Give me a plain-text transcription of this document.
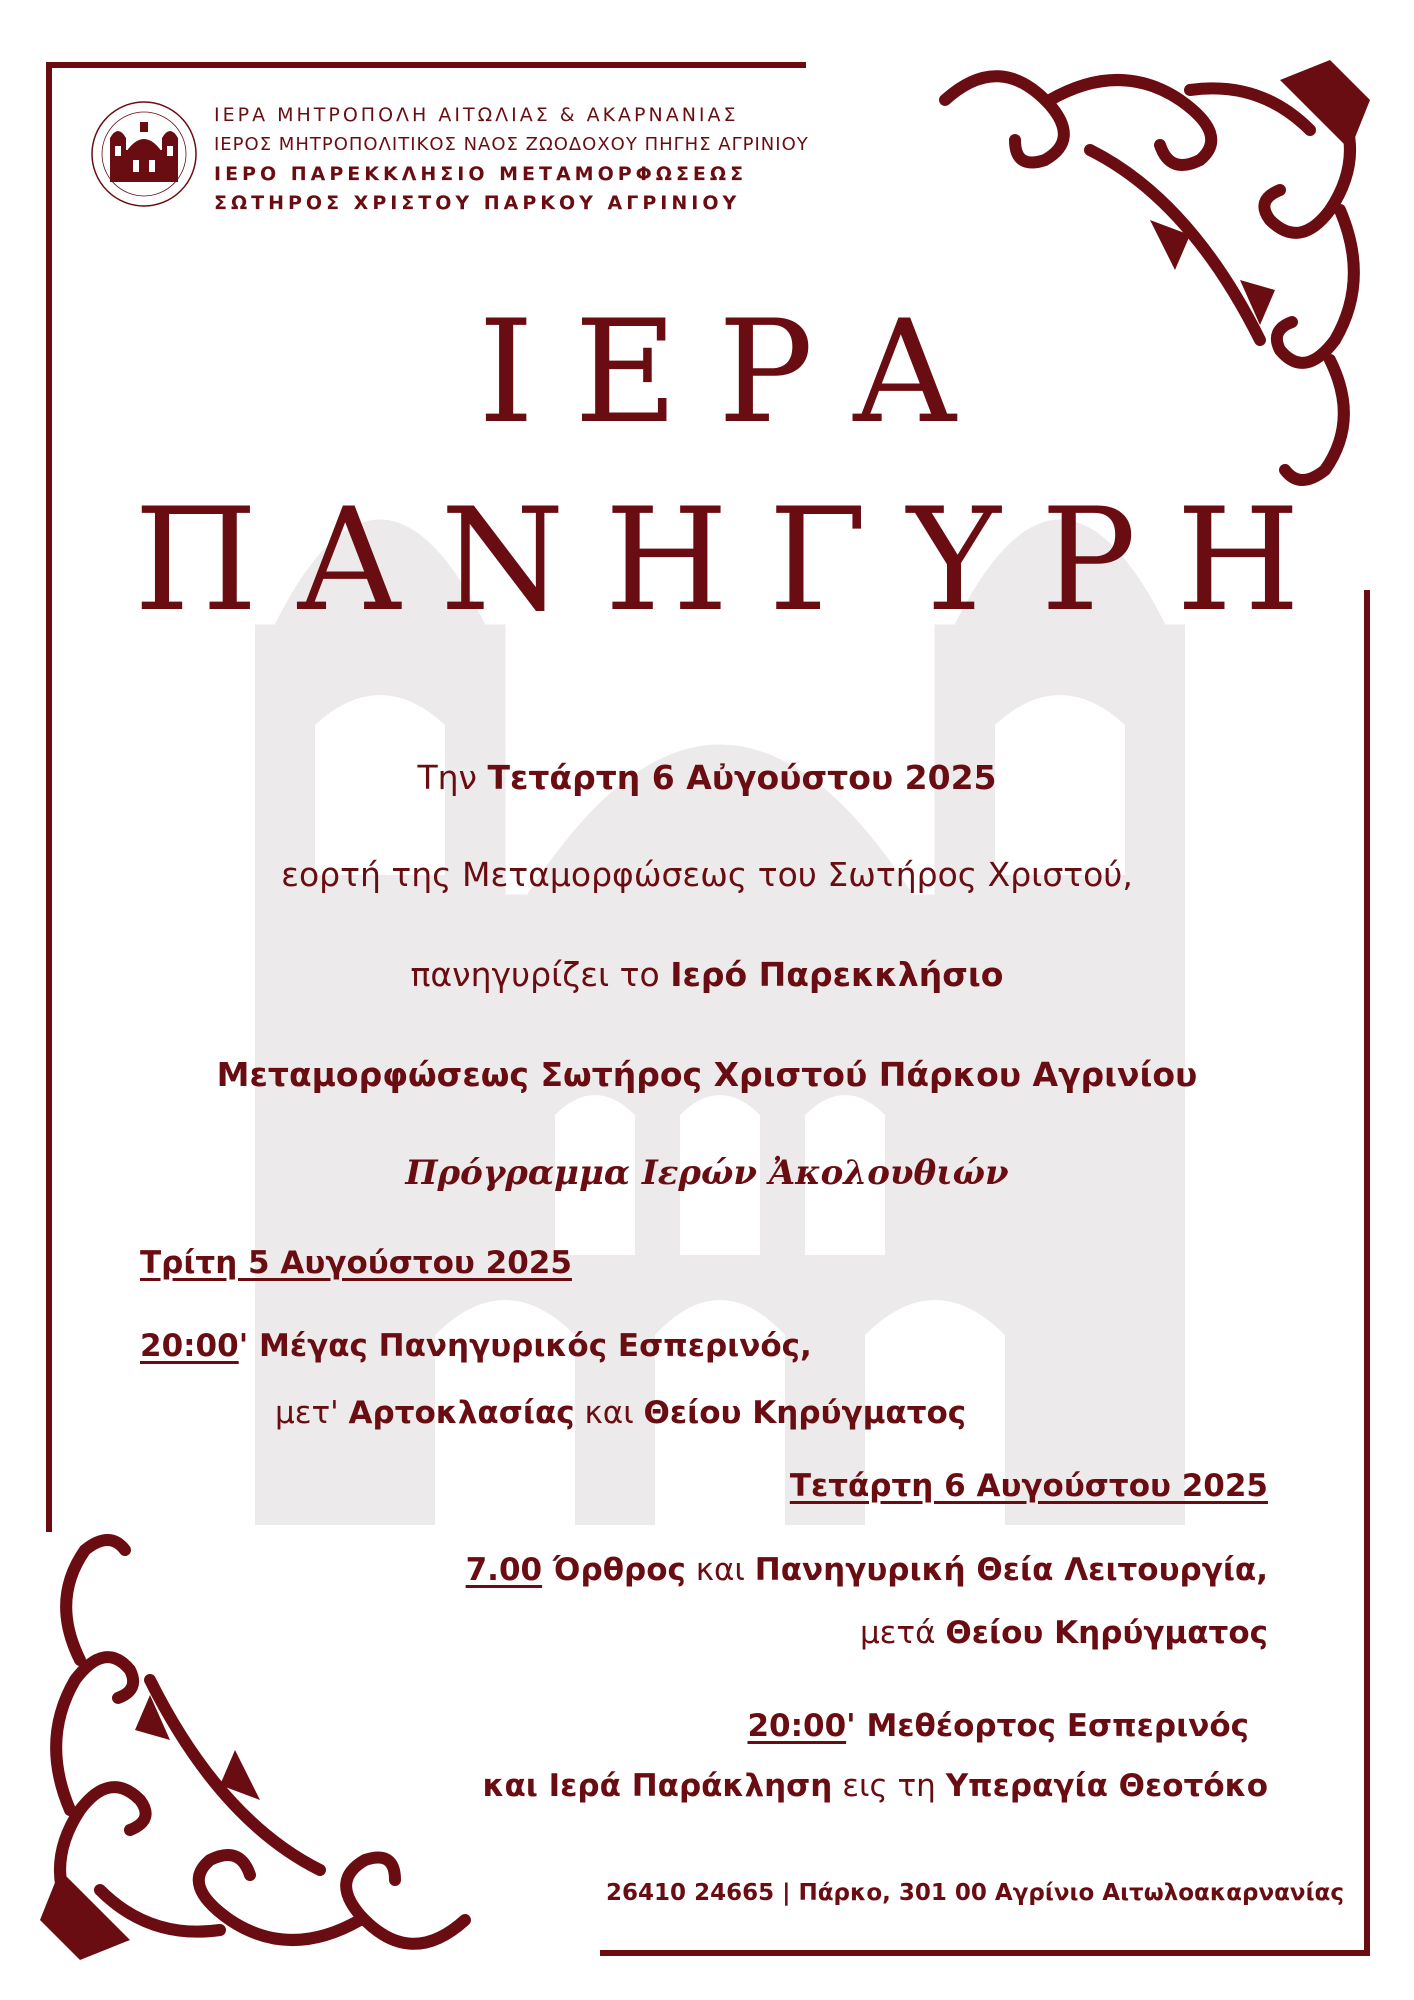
ΙΕΡΑ ΜΗΤΡΟΠΟΛΗ ΑΙΤΩΛΙΑΣ & ΑΚΑΡΝΑΝΙΑΣ
ΙΕΡΟΣ ΜΗΤΡΟΠΟΛΙΤΙΚΟΣ ΝΑΟΣ ΖΩΟΔΟΧΟΥ ΠΗΓΗΣ ΑΓΡΙΝΙΟΥ
ΙΕΡΟ ΠΑΡΕΚΚΛΗΣΙΟ ΜΕΤΑΜΟΡΦΩΣΕΩΣ
ΣΩΤΗΡΟΣ ΧΡΙΣΤΟΥ ΠΑΡΚΟΥ ΑΓΡΙΝΙΟΥ
ΙΕΡΑ
ΠΑΝΗΓΥΡΗ
Την Τετάρτη 6 Αὐγούστου 2025
εορτή της Μεταμορφώσεως του Σωτήρος Χριστού,
πανηγυρίζει το Ιερό Παρεκκλήσιο
Μεταμορφώσεως Σωτήρος Χριστού Πάρκου Αγρινίου
Πρόγραμμα Ιερών Ἀκολουθιών
Τρίτη 5 Αυγούστου 2025
20:00' Μέγας Πανηγυρικός Εσπερινός,
μετ' Αρτοκλασίας και Θείου Κηρύγματος
Τετάρτη 6 Αυγούστου 2025
7.00 Όρθρος και Πανηγυρική Θεία Λειτουργία,
μετά Θείου Κηρύγματος
20:00' Μεθέορτος Εσπερινός
και Ιερά Παράκληση εις τη Υπεραγία Θεοτόκο
26410 24665 | Πάρκο, 301 00 Αγρίνιο Αιτωλοακαρνανίας
